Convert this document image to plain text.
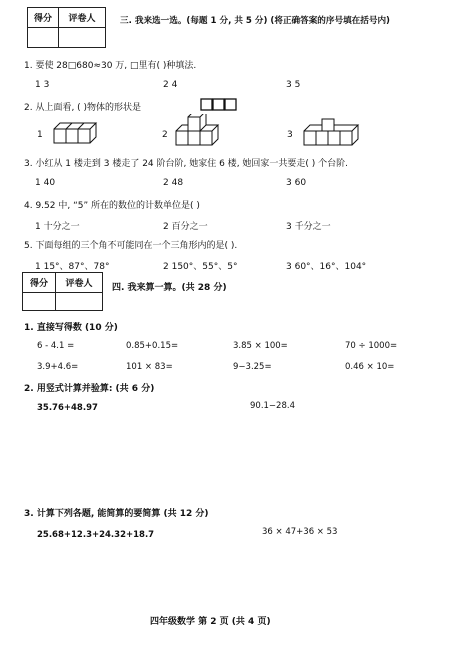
得分	评卷人
		三. 我来选一选。(每题 1 分, 共 5 分) (将正确答案的序号填在括号内)
1. 要使 28□680≈30 万, □里有( )种填法.
1 3	2 4	3 5
2. 从上面看, ( )物体的形状是
1	2	3
3. 小红从 1 楼走到 3 楼走了 24 阶台阶, 她家住 6 楼, 她回家一共要走( ) 个台阶.
1 40	2 48	3 60
4. 9.52 中, “5” 所在的数位的计数单位是( )
1 十分之一	2 百分之一	3 千分之一
5. 下面每组的三个角不可能同在一个三角形内的是( ).
1 15°、87°、78°	2 150°、55°、5°	3 60°、16°、104°
得分	评卷人
	四. 我来算一算。(共 28 分)
1. 直接写得数 (10 分)
6 - 4.1 =	0.85+0.15=	3.85 × 100=	70 ÷ 1000=
3.9+4.6=	101 × 83=	9−3.25=	0.46 × 10=
2. 用竖式计算并验算: (共 6 分)
35.76+48.97	90.1−28.4
3. 计算下列各题, 能简算的要简算 (共 12 分)
25.68+12.3+24.32+18.7	36 × 47+36 × 53
四年级数学 第 2 页 (共 4 页)
